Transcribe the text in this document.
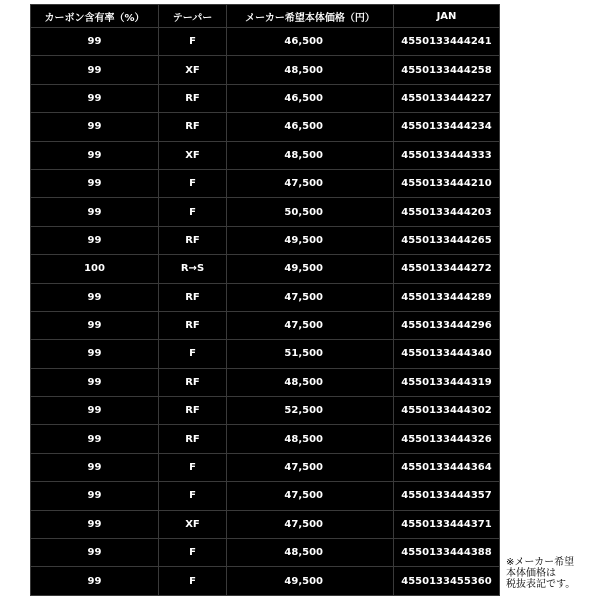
カーボン含有率（%）	テーパー	メーカー希望本体価格（円）	JAN
99	F	46,500	4550133444241
99	XF	48,500	4550133444258
99	RF	46,500	4550133444227
99	RF	46,500	4550133444234
99	XF	48,500	4550133444333
99	F	47,500	4550133444210
99	F	50,500	4550133444203
99	RF	49,500	4550133444265
100	R→S	49,500	4550133444272
99	RF	47,500	4550133444289
99	RF	47,500	4550133444296
99	F	51,500	4550133444340
99	RF	48,500	4550133444319
99	RF	52,500	4550133444302
99	RF	48,500	4550133444326
99	F	47,500	4550133444364
99	F	47,500	4550133444357
99	XF	47,500	4550133444371
99	F	48,500	4550133444388
99	F	49,500	4550133455360
※メーカー希望
本体価格は
税抜表記です。
